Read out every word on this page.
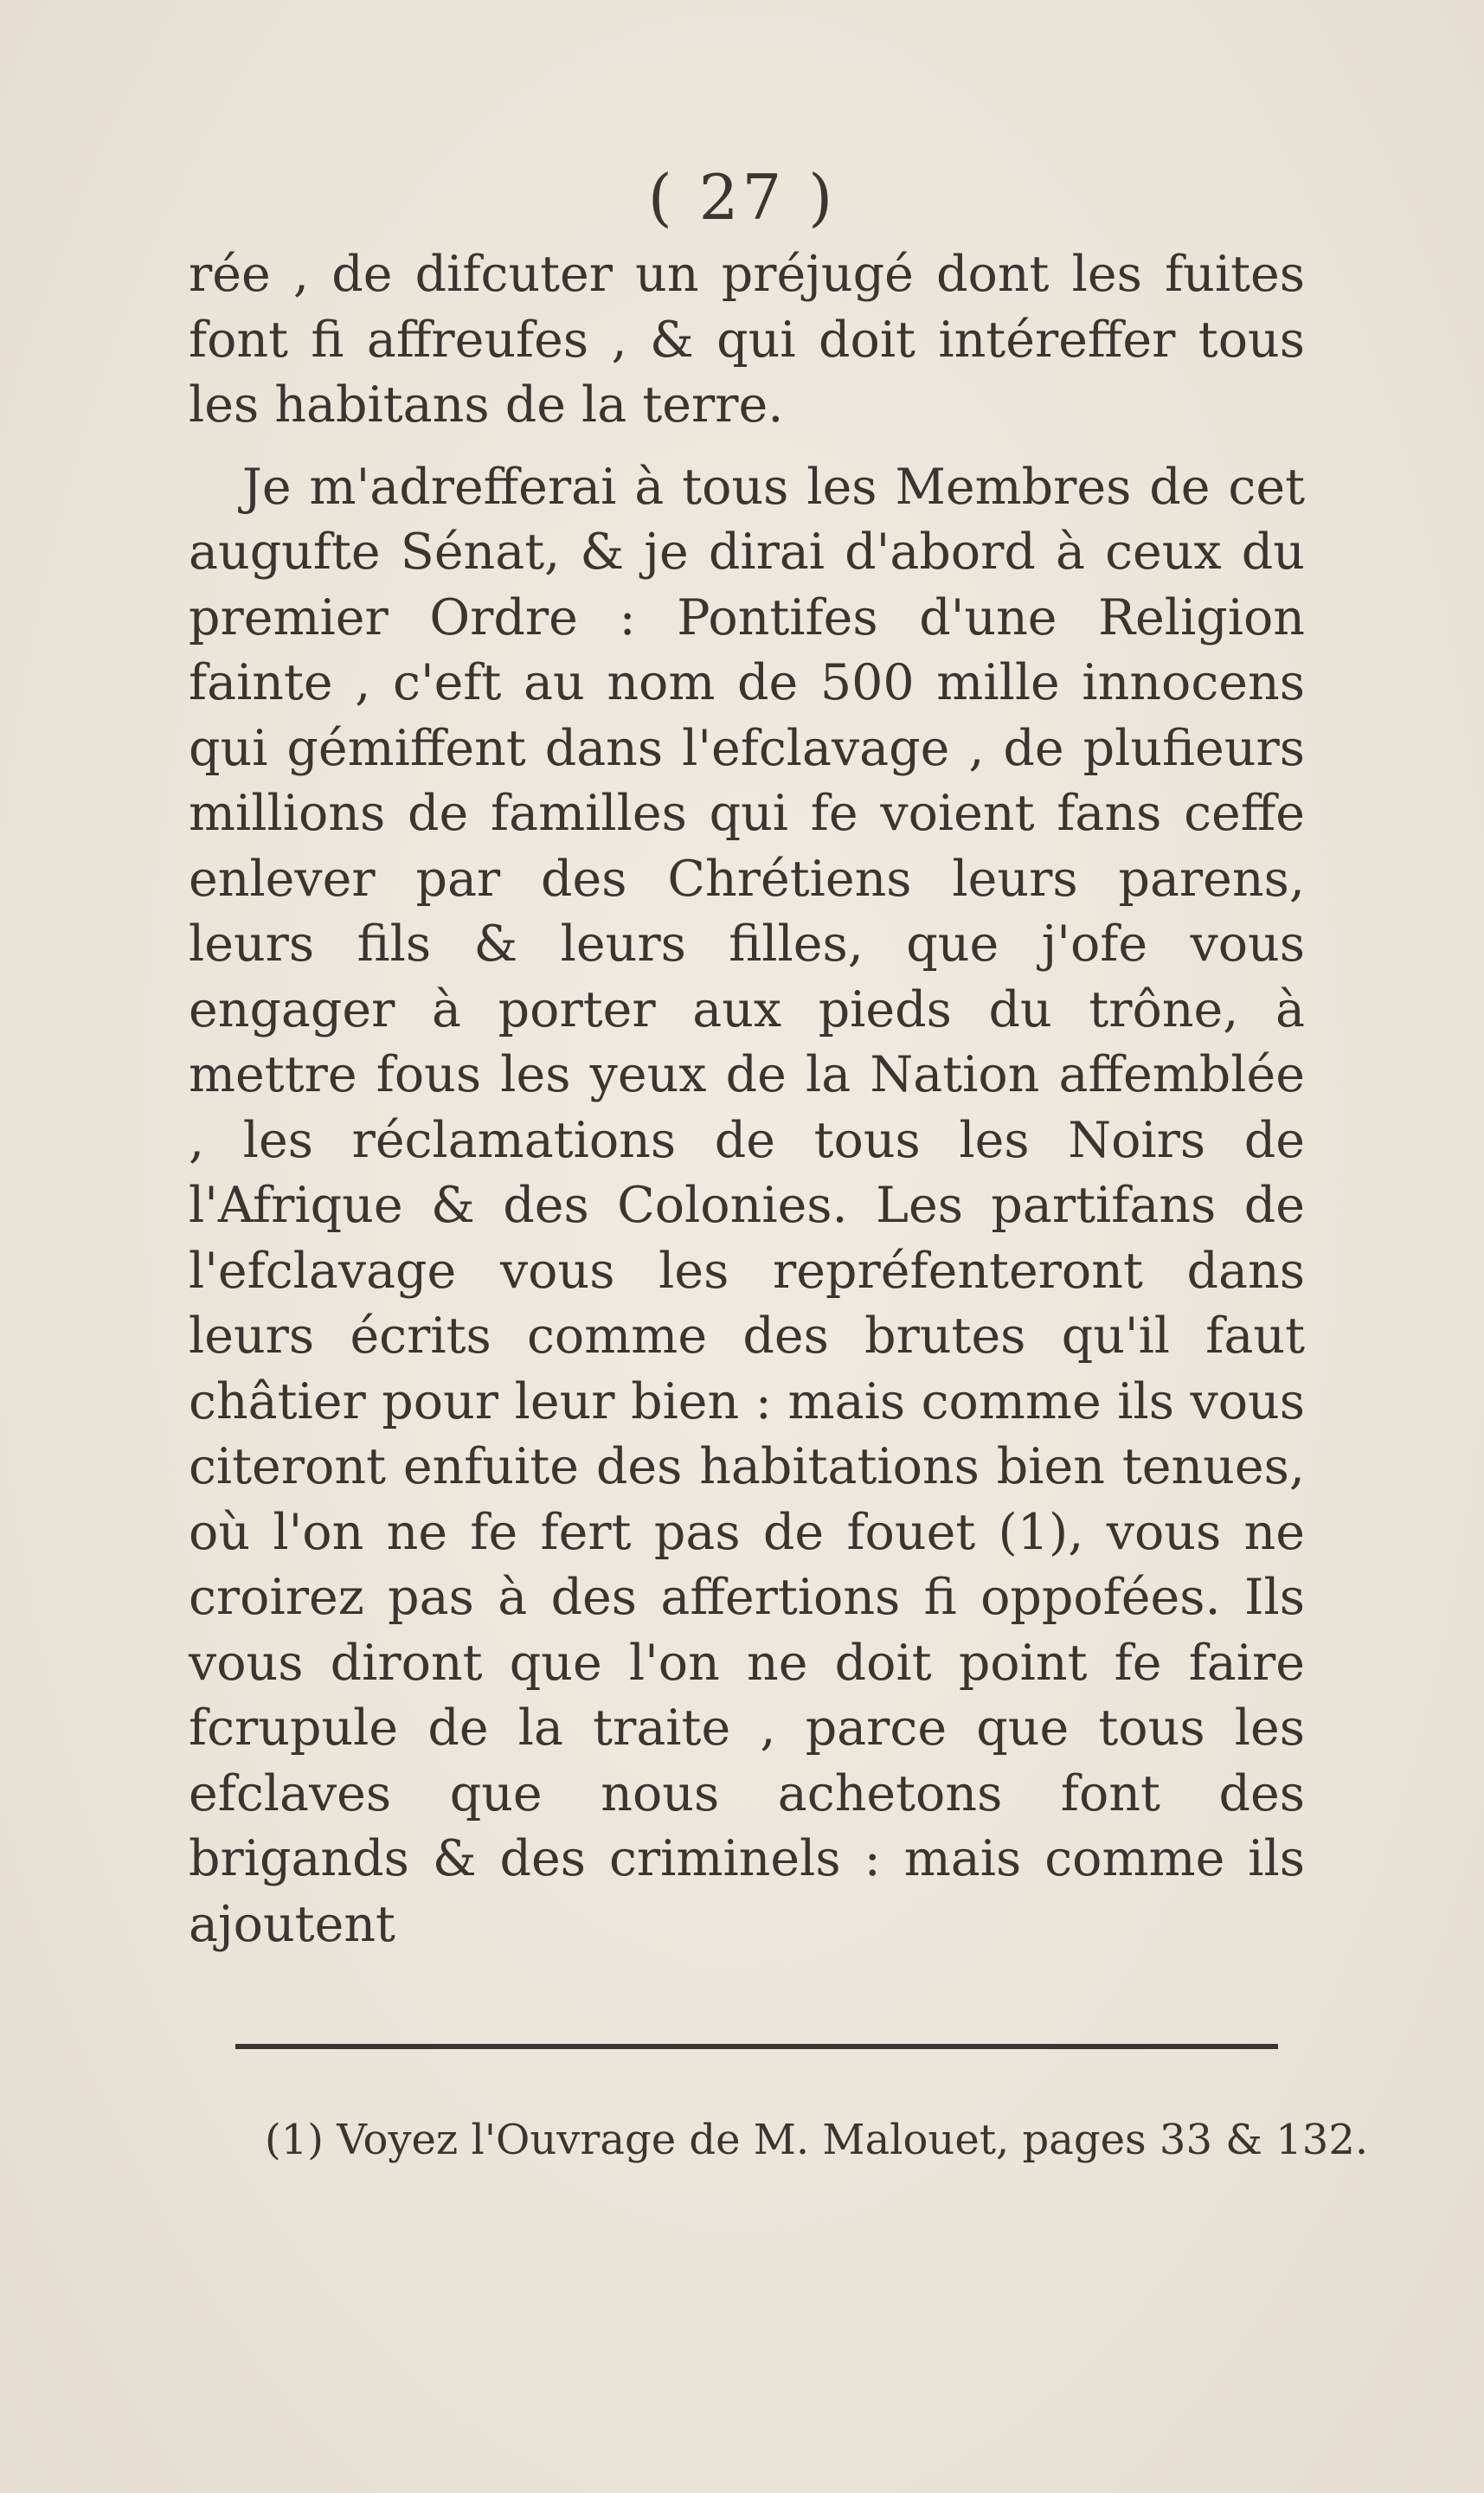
( 27 )

rée , de difcuter un préjugé dont les fuites font fi affreufes , & qui doit intéreffer tous les habitans de la terre.

Je m'adrefferai à tous les Membres de cet augufte Sénat, & je dirai d'abord à ceux du premier Ordre : Pontifes d'une Religion fainte , c'eft au nom de 500 mille innocens qui gémiffent dans l'efclavage , de plufieurs millions de familles qui fe voient fans ceffe enlever par des Chrétiens leurs parens, leurs fils & leurs filles, que j'ofe vous engager à porter aux pieds du trône, à mettre fous les yeux de la Nation affemblée , les réclamations de tous les Noirs de l'Afrique & des Colonies. Les partifans de l'efclavage vous les repréfenteront dans leurs écrits comme des brutes qu'il faut châtier pour leur bien : mais comme ils vous citeront enfuite des habitations bien tenues, où l'on ne fe fert pas de fouet (1), vous ne croirez pas à des affertions fi oppofées. Ils vous diront que l'on ne doit point fe faire fcrupule de la traite , parce que tous les efclaves que nous achetons font des brigands & des criminels : mais comme ils ajoutent

(1) Voyez l'Ouvrage de M. Malouet, pages 33 & 132.
